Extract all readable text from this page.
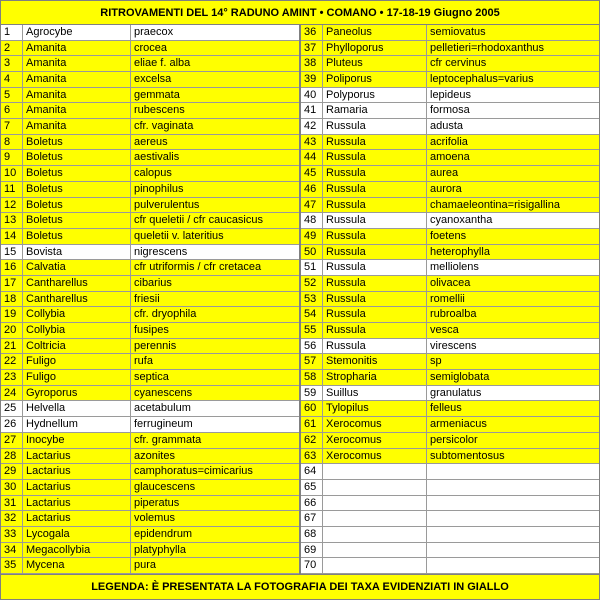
RITROVAMENTI DEL 14° RADUNO AMINT • COMANO • 17-18-19 Giugno 2005
1	Agrocybe	praecox
2	Amanita	crocea
3	Amanita	eliae f. alba
4	Amanita	excelsa
5	Amanita	gemmata
6	Amanita	rubescens
7	Amanita	cfr. vaginata
8	Boletus	aereus
9	Boletus	aestivalis
10 Boletus	calopus
11 Boletus	pinophilus
12 Boletus	pulverulentus
13 Boletus	cfr queletii / cfr caucasicus
14 Boletus	queletii v. lateritius
15 Bovista	nigrescens
16 Calvatia	cfr utriformis / cfr cretacea
17 Cantharellus	cibarius
18 Cantharellus	friesii
19 Collybia	cfr. dryophila
20 Collybia	fusipes
21 Coltricia	perennis
22 Fuligo	rufa
23 Fuligo	septica
24 Gyroporus	cyanescens
25 Helvella	acetabulum
26 Hydnellum	ferrugineum
27 Inocybe	cfr. grammata
28 Lactarius	azonites
29 Lactarius	camphoratus=cimicarius
30 Lactarius	glaucescens
31 Lactarius	piperatus
32 Lactarius	volemus
33 Lycogala	epidendrum
34 Megacollybia	platyphylla
35 Mycena	pura
36 Paneolus	semiovatus
37 Phylloporus	pelletieri=rhodoxanthus
38 Pluteus	cfr cervinus
39 Poliporus	leptocephalus=varius
40 Polyporus	lepideus
41 Ramaria	formosa
42 Russula	adusta
43 Russula	acrifolia
44 Russula	amoena
45 Russula	aurea
46 Russula	aurora
47 Russula	chamaeleontina=risigallina
48 Russula	cyanoxantha
49 Russula	foetens
50 Russula	heterophylla
51 Russula	melliolens
52 Russula	olivacea
53 Russula	romellii
54 Russula	rubroalba
55 Russula	vesca
56 Russula	virescens
57 Stemonitis	sp
58 Stropharia	semiglobata
59 Suillus	granulatus
60 Tylopilus	felleus
61 Xerocomus	armeniacus
62 Xerocomus	persicolor
63 Xerocomus	subtomentosus
64
65
66
67
68
69
70
LEGENDA: È PRESENTATA LA FOTOGRAFIA DEI TAXA EVIDENZIATI IN GIALLO
